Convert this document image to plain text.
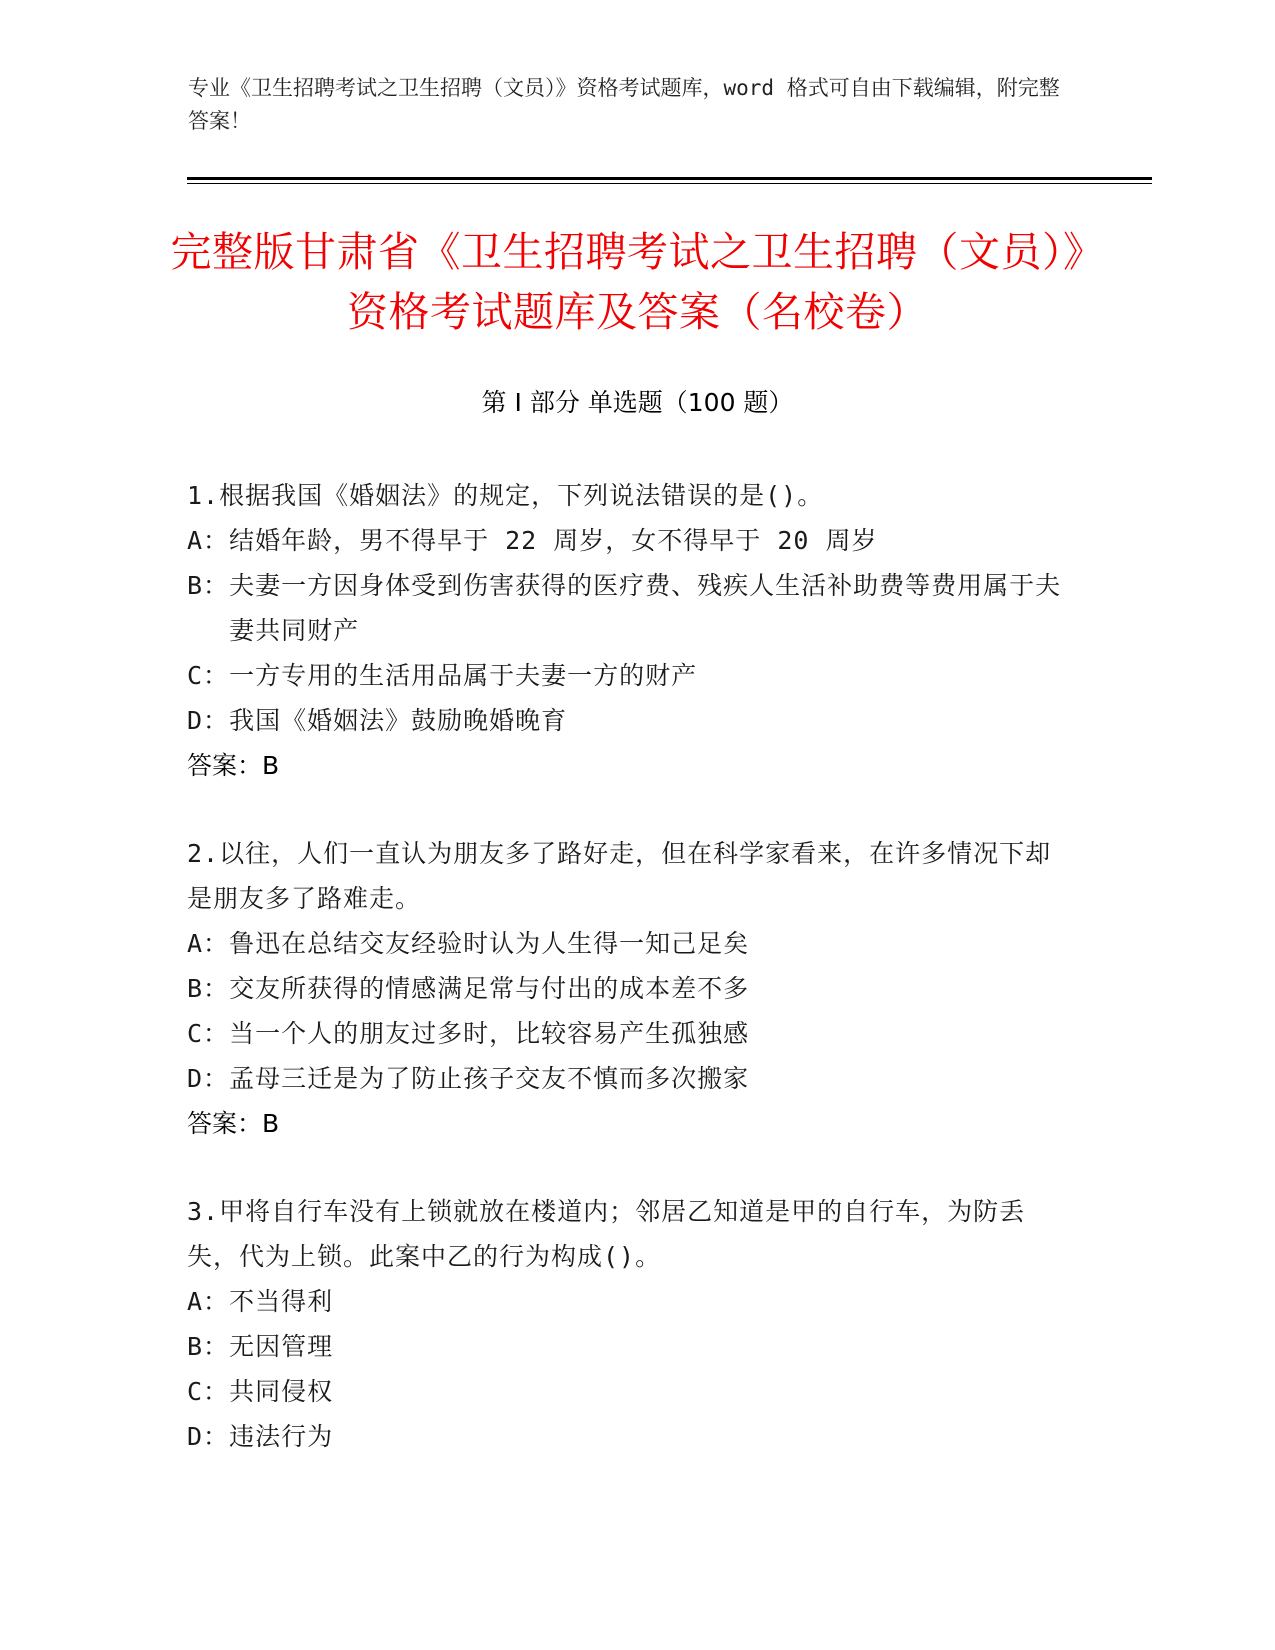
专业《卫生招聘考试之卫生招聘（文员）》资格考试题库，word 格式可自由下载编辑，附完整答案！
完整版甘肃省《卫生招聘考试之卫生招聘（文员）》资格考试题库及答案（名校卷）
第 I 部分 单选题（100 题）

1.根据我国《婚姻法》的规定，下列说法错误的是()。

A： 结婚年龄，男不得早于 22 周岁，女不得早于 20 周岁
B： 夫妻一方因身体受到伤害获得的医疗费、残疾人生活补助费等费用属于夫妻共同财产
C： 一方专用的生活用品属于夫妻一方的财产
D： 我国《婚姻法》鼓励晚婚晚育

答案：B

2.以往，人们一直认为朋友多了路好走，但在科学家看来，在许多情况下却是朋友多了路难走。

A： 鲁迅在总结交友经验时认为人生得一知己足矣
B： 交友所获得的情感满足常与付出的成本差不多
C： 当一个人的朋友过多时，比较容易产生孤独感
D： 孟母三迁是为了防止孩子交友不慎而多次搬家

答案：B

3.甲将自行车没有上锁就放在楼道内；邻居乙知道是甲的自行车，为防丢失，代为上锁。此案中乙的行为构成()。

A： 不当得利
B： 无因管理
C： 共同侵权
D： 违法行为
